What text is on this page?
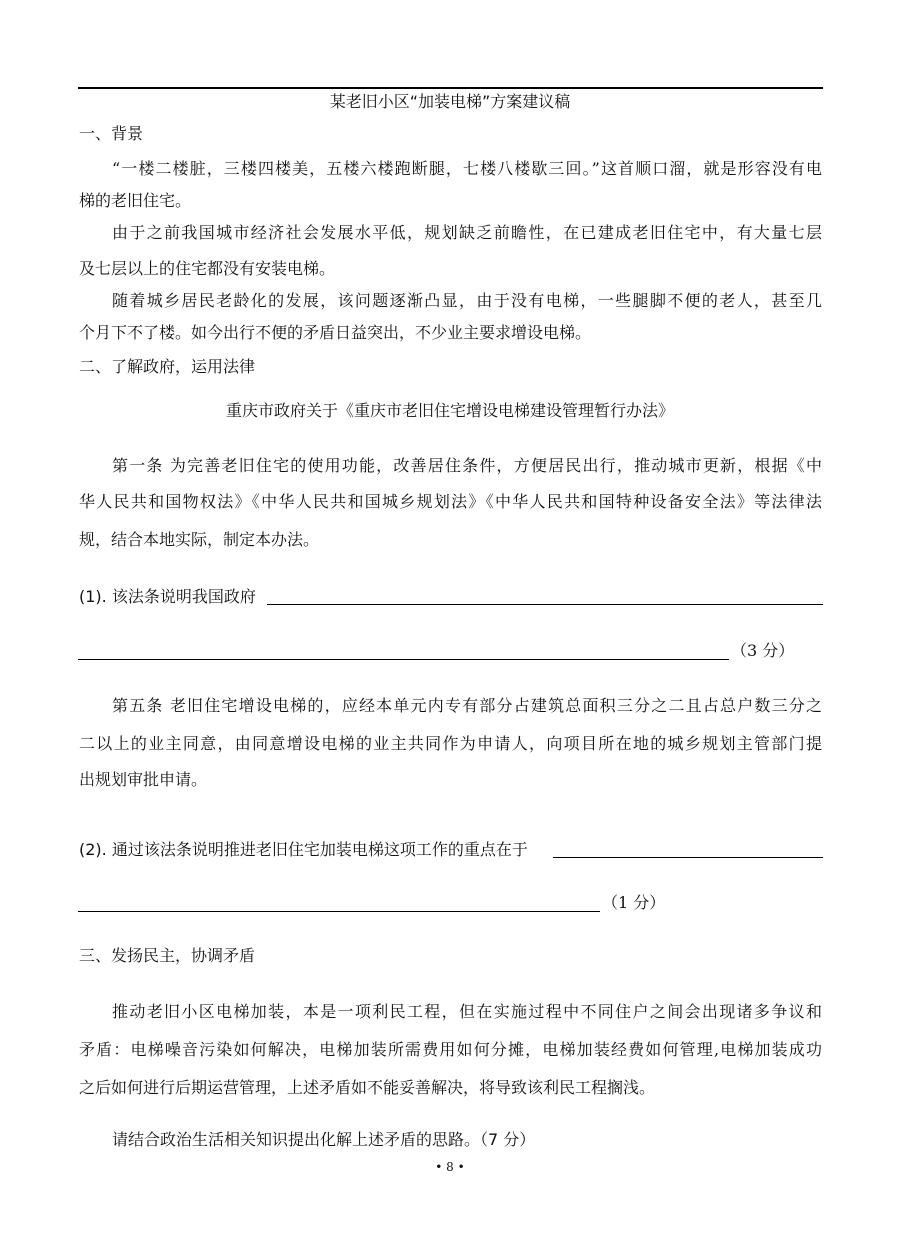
某老旧小区“加装电梯”方案建议稿
一、背景
“一楼二楼脏，三楼四楼美，五楼六楼跑断腿，七楼八楼歇三回。”这首顺口溜，就是形容没有电
梯的老旧住宅。
由于之前我国城市经济社会发展水平低，规划缺乏前瞻性，在已建成老旧住宅中，有大量七层
及七层以上的住宅都没有安装电梯。
随着城乡居民老龄化的发展，该问题逐渐凸显，由于没有电梯，一些腿脚不便的老人，甚至几
个月下不了楼。如今出行不便的矛盾日益突出，不少业主要求增设电梯。
二、了解政府，运用法律
重庆市政府关于《重庆市老旧住宅增设电梯建设管理暂行办法》
第一条 为完善老旧住宅的使用功能，改善居住条件，方便居民出行，推动城市更新，根据《中
华人民共和国物权法》《中华人民共和国城乡规划法》《中华人民共和国特种设备安全法》等法律法
规，结合本地实际，制定本办法。
(1). 该法条说明我国政府
（3 分）
第五条 老旧住宅增设电梯的，应经本单元内专有部分占建筑总面积三分之二且占总户数三分之
二以上的业主同意，由同意增设电梯的业主共同作为申请人，向项目所在地的城乡规划主管部门提
出规划审批申请。
(2). 通过该法条说明推进老旧住宅加装电梯这项工作的重点在于
（1 分）
三、发扬民主，协调矛盾
推动老旧小区电梯加装，本是一项利民工程，但在实施过程中不同住户之间会出现诸多争议和
矛盾：电梯噪音污染如何解决，电梯加装所需费用如何分摊，电梯加装经费如何管理,电梯加装成功
之后如何进行后期运营管理，上述矛盾如不能妥善解决，将导致该利民工程搁浅。
请结合政治生活相关知识提出化解上述矛盾的思路。（7 分）
• 8 •
